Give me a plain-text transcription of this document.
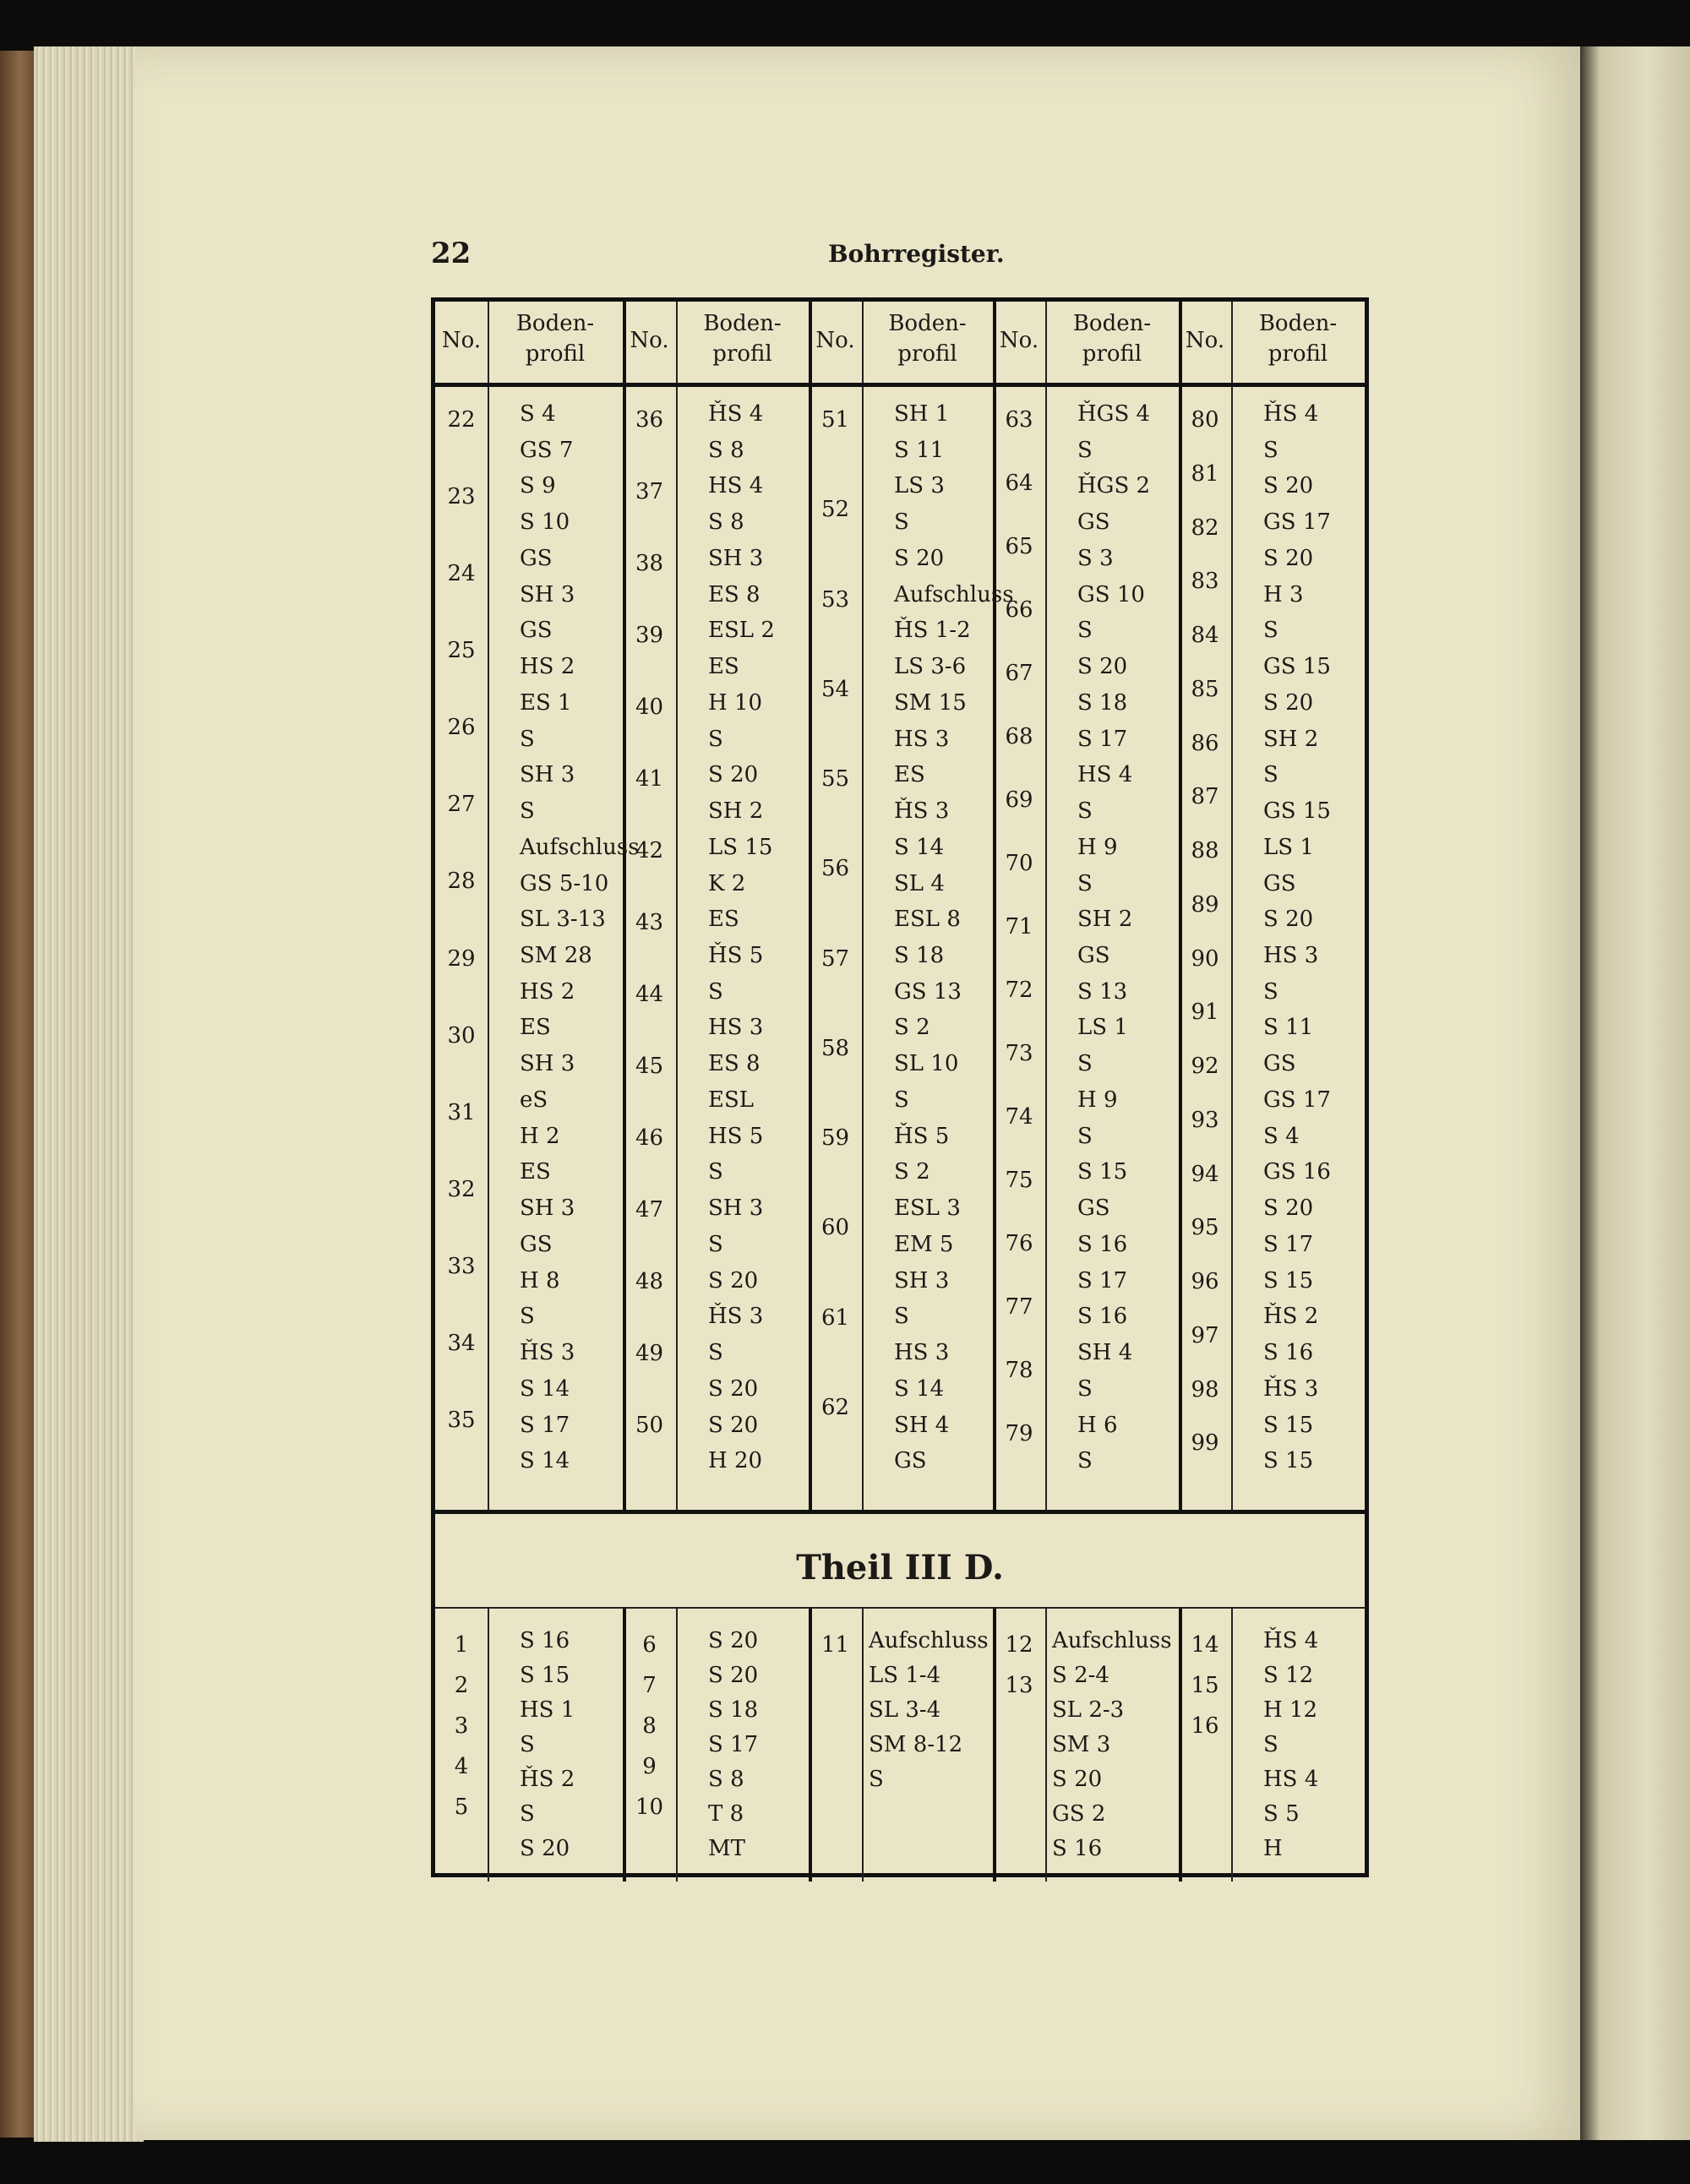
22	Bohrregister.
Theil III D.
No.
Boden-
profil
No.
Boden-
profil
No.
Boden-
profil
No.
Boden-
profil
No.
Boden-
profil
22
23
24
25
26
27
28
29
30
31
32
33
34
35
S 4
GS 7
S 9
S 10
GS
SH 3
GS
HS 2
ES 1
S
SH 3
S
Aufschluss
GS 5-10
SL 3-13
SM 28
HS 2
ES
SH 3
eS
H 2
ES
SH 3
GS
H 8
S
ȞS 3
S 14
S 17
S 14
36
37
38
39
40
41
42
43
44
45
46
47
48
49
50
ȞS 4
S 8
HS 4
S 8
SH 3
ES 8
ESL 2
ES
H 10
S
S 20
SH 2
LS 15
K 2
ES
ȞS 5
S
HS 3
ES 8
ESL
HS 5
S
SH 3
S
S 20
ȞS 3
S
S 20
S 20
H 20
51
52
53
54
55
56
57
58
59
60
61
62
SH 1
S 11
LS 3
S
S 20
Aufschluss
ȞS 1-2
LS 3-6
SM 15
HS 3
ES
ȞS 3
S 14
SL 4
ESL 8
S 18
GS 13
S 2
SL 10
S
ȞS 5
S 2
ESL 3
EM 5
SH 3
S
HS 3
S 14
SH 4
GS
63
64
65
66
67
68
69
70
71
72
73
74
75
76
77
78
79
ȞGS 4
S
ȞGS 2
GS
S 3
GS 10
S
S 20
S 18
S 17
HS 4
S
H 9
S
SH 2
GS
S 13
LS 1
S
H 9
S
S 15
GS
S 16
S 17
S 16
SH 4
S
H 6
S
80
81
82
83
84
85
86
87
88
89
90
91
92
93
94
95
96
97
98
99
ȞS 4
S
S 20
GS 17
S 20
H 3
S
GS 15
S 20
SH 2
S
GS 15
LS 1
GS
S 20
HS 3
S
S 11
GS
GS 17
S 4
GS 16
S 20
S 17
S 15
ȞS 2
S 16
ȞS 3
S 15
S 15
1
2
3
4
5
S 16
S 15
HS 1
S
ȞS 2
S
S 20
6
7
8
9
10
S 20
S 20
S 18
S 17
S 8
T 8
MT
11 Aufschluss
LS 1-4
SL 3-4
SM 8-12
S
12
13
Aufschluss
S 2-4
SL 2-3
SM 3
S 20
GS 2
S 16
14
15
16
ȞS 4
S 12
H 12
S
HS 4
S 5
H
